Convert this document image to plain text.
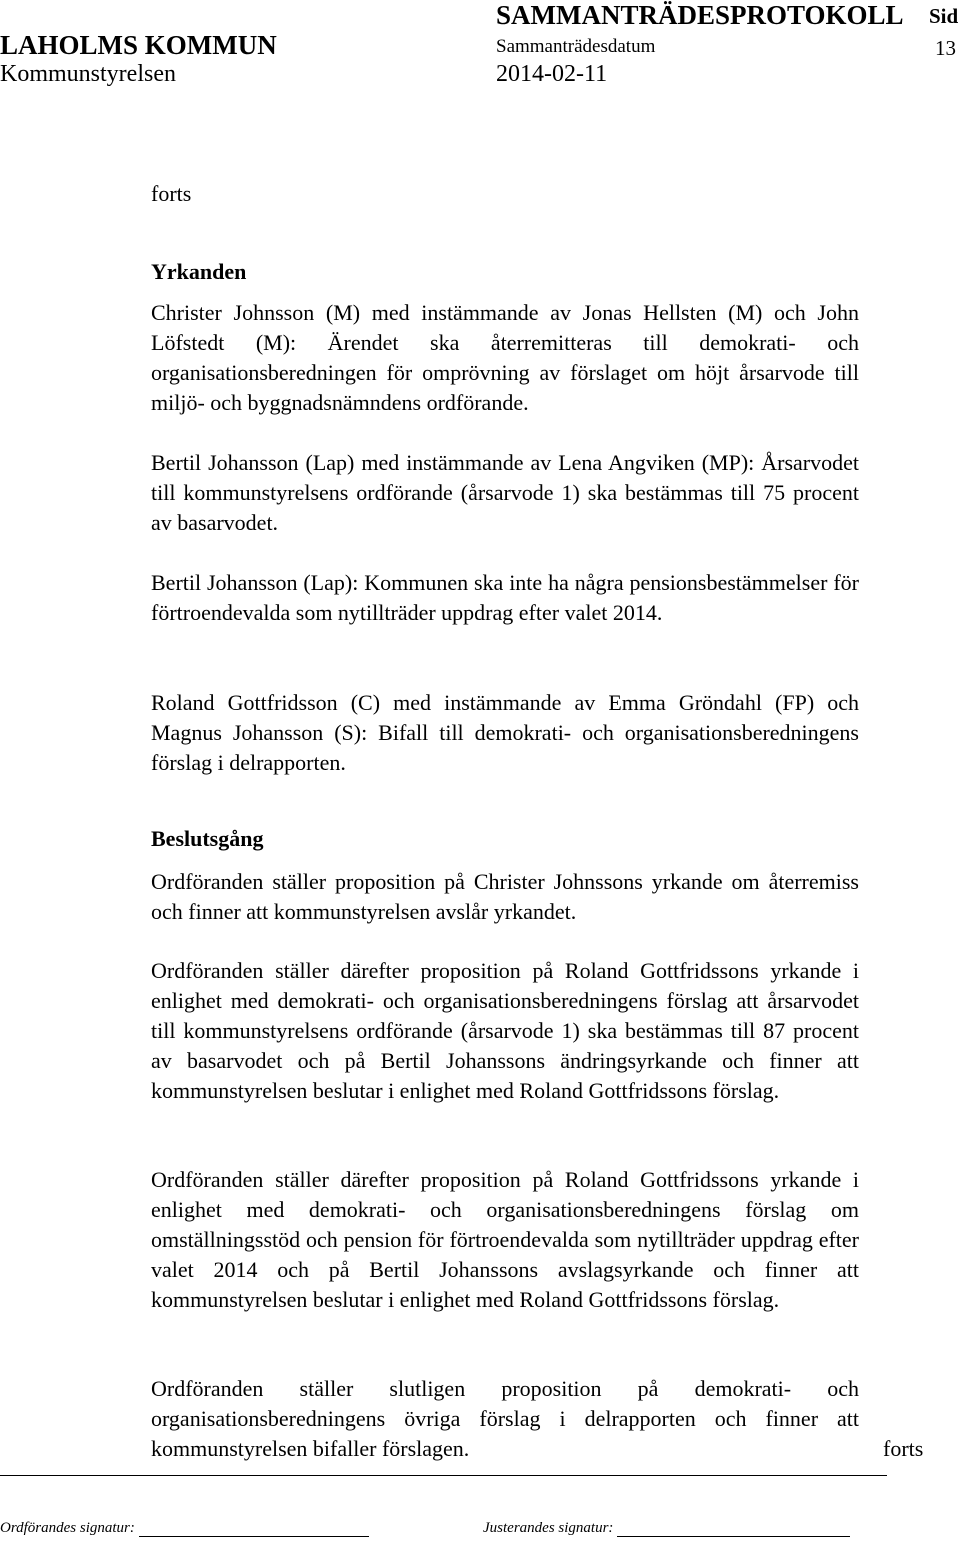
LAHOLMS KOMMUN
Kommunstyrelsen
SAMMANTRÄDESPROTOKOLL
Sammanträdesdatum
2014-02-11
Sid
13
forts
Yrkanden

Christer Johnsson (M) med instämmande av Jonas Hellsten (M) och John Löfstedt (M): Ärendet ska återremitteras till demokrati- och organisationsberedningen för omprövning av förslaget om höjt årsarvode till miljö- och byggnadsnämndens ordförande.

Bertil Johansson (Lap) med instämmande av Lena Angviken (MP): Årsarvodet till kommunstyrelsens ordförande (årsarvode 1) ska bestämmas till 75 procent av basarvodet.

Bertil Johansson (Lap): Kommunen ska inte ha några pensionsbestämmelser för förtroendevalda som nytillträder uppdrag efter valet 2014.

Roland Gottfridsson (C) med instämmande av Emma Gröndahl (FP) och Magnus Johansson (S): Bifall till demokrati- och organisationsberedningens förslag i delrapporten.

Beslutsgång

Ordföranden ställer proposition på Christer Johnssons yrkande om återremiss och finner att kommunstyrelsen avslår yrkandet.

Ordföranden ställer därefter proposition på Roland Gottfridssons yrkande i enlighet med demokrati- och organisationsberedningens förslag att årsarvodet till kommunstyrelsens ordförande (årsarvode 1) ska bestämmas till 87 procent av basarvodet och på Bertil Johanssons ändringsyrkande och finner att kommunstyrelsen beslutar i enlighet med Roland Gottfridssons förslag.

Ordföranden ställer därefter proposition på Roland Gottfridssons yrkande i enlighet med demokrati- och organisationsberedningens förslag om omställningsstöd och pension för förtroendevalda som nytillträder uppdrag efter valet 2014 och på Bertil Johanssons avslagsyrkande och finner att kommunstyrelsen beslutar i enlighet med Roland Gottfridssons förslag.

Ordföranden ställer slutligen proposition på demokrati- och organisationsberedningens övriga förslag i delrapporten och finner att kommunstyrelsen bifaller förslagen.	forts
Ordförandes signatur:	Justerandes signatur:
